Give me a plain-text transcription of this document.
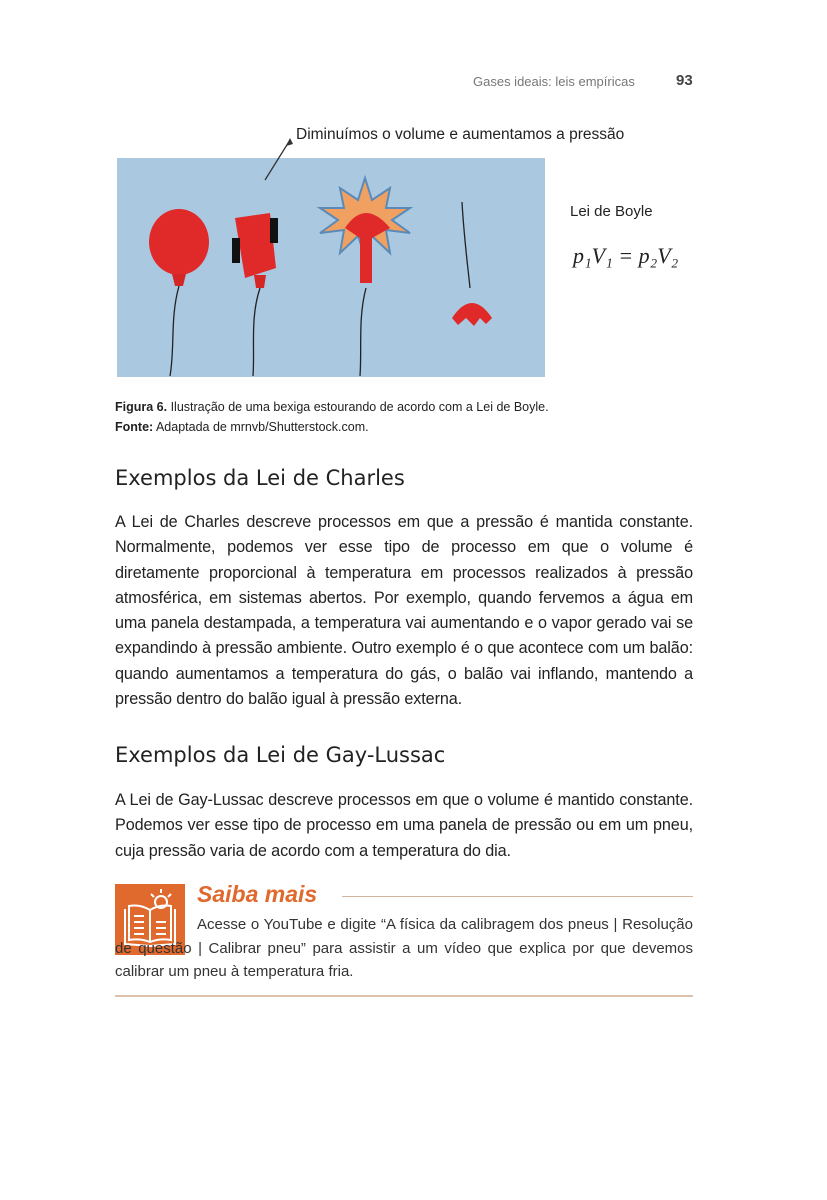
Gases ideais: leis empíricas	93
Diminuímos o volume e aumentamos a pressão
Lei de Boyle
p₁V₁ = p₂V₂
Figura 6. Ilustração de uma bexiga estourando de acordo com a Lei de Boyle.
Fonte: Adaptada de mrnvb/Shutterstock.com.
Exemplos da Lei de Charles

A Lei de Charles descreve processos em que a pressão é mantida constante. Normalmente, podemos ver esse tipo de processo em que o volume é diretamente proporcional à temperatura em processos realizados à pressão atmosférica, em sistemas abertos. Por exemplo, quando fervemos a água em uma panela destampada, a temperatura vai aumentando e o vapor gerado vai se expandindo à pressão ambiente. Outro exemplo é o que acontece com um balão: quando aumentamos a temperatura do gás, o balão vai inflando, mantendo a pressão dentro do balão igual à pressão externa.

Exemplos da Lei de Gay-Lussac

A Lei de Gay-Lussac descreve processos em que o volume é mantido constante. Podemos ver esse tipo de processo em uma panela de pressão ou em um pneu, cuja pressão varia de acordo com a temperatura do dia.

Saiba mais

Acesse o YouTube e digite “A física da calibragem dos pneus | Resolução de questão | Calibrar pneu” para assistir a um vídeo que explica por que devemos calibrar um pneu à temperatura fria.
